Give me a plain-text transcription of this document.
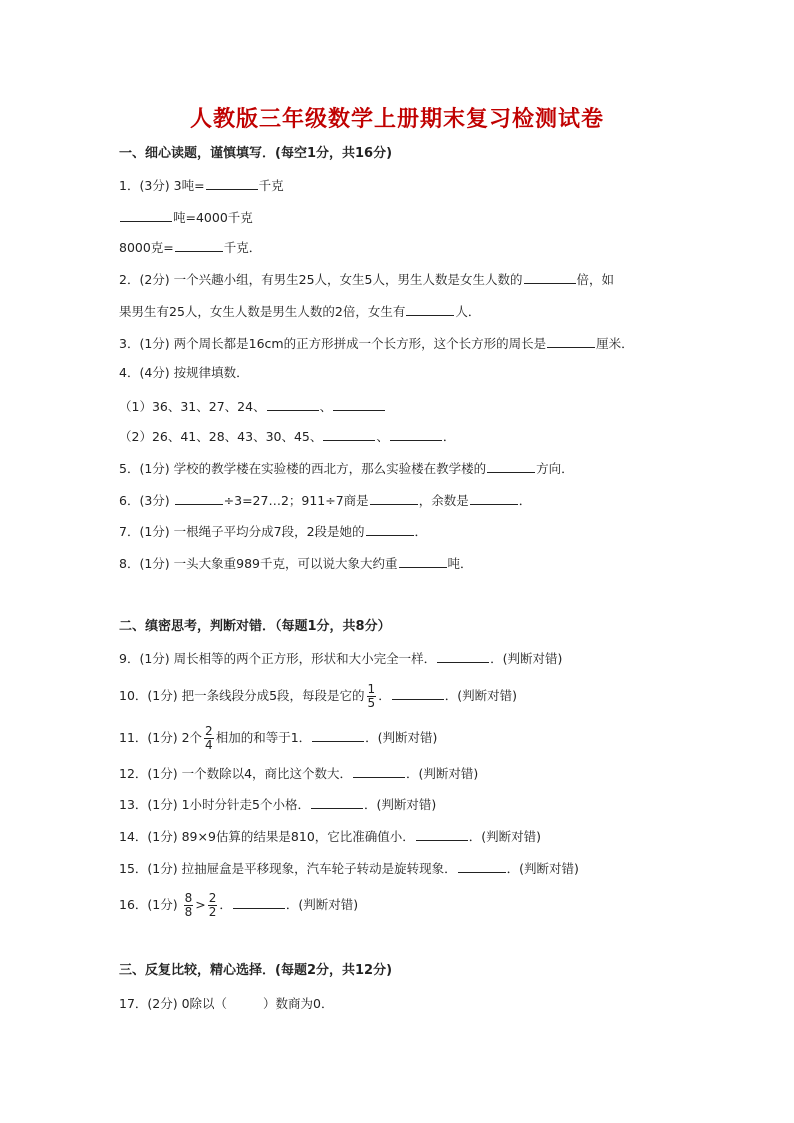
人教版三年级数学上册期末复习检测试卷
一、细心读题，谨慎填写．(每空1分，共16分)
1．(3分) 3吨=	千克
吨=4000千克
8000克=	千克．
2．(2分) 一个兴趣小组，有男生25人，女生5人，男生人数是女生人数的	倍，如
果男生有25人，女生人数是男生人数的2倍，女生有	人．
3．(1分) 两个周长都是16cm的正方形拼成一个长方形，这个长方形的周长是	厘米．
4．(4分) 按规律填数．
（1）36、31、27、24、	、
（2）26、41、28、43、30、45、	、	．
5．(1分) 学校的教学楼在实验楼的西北方，那么实验楼在教学楼的	方向．
6．(3分)	÷3=27…2；911÷7商是	，余数是	．
7．(1分) 一根绳子平均分成7段，2段是她的	．
8．(1分) 一头大象重989千克，可以说大象大约重	吨．
二、缜密思考，判断对错．（每题1分，共8分）
9．(1分) 周长相等的两个正方形，形状和大小完全一样．	．(判断对错)
10．(1分) 把一条线段分成5段，每段是它的 $\frac{1}{5}$ ．	．(判断对错)
11．(1分) 2个 $\frac{2}{4}$ 相加的和等于1．	．(判断对错)
12．(1分) 一个数除以4，商比这个数大．	．(判断对错)
13．(1分) 1小时分针走5个小格．	．(判断对错)
14．(1分) 89×9估算的结果是810，它比准确值小．	．(判断对错)
15．(1分) 拉抽屉盒是平移现象，汽车轮子转动是旋转现象．	．(判断对错)
16．(1分) $\frac{8}{8} > \frac{2}{2}$ ．	．(判断对错)
三、反复比较，精心选择．(每题2分，共12分)
17．(2分) 0除以（	）数商为0．
